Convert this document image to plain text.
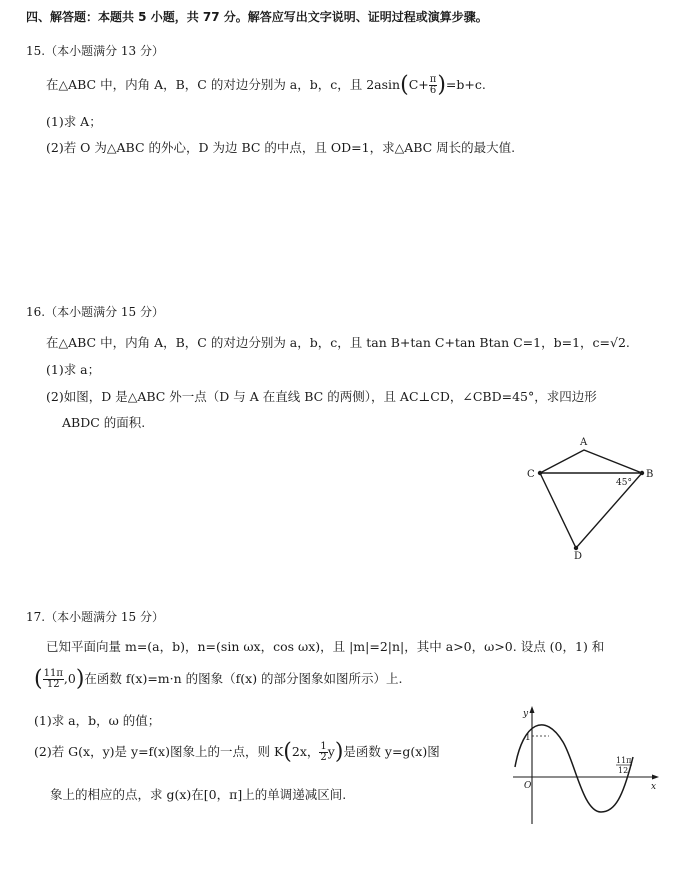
四、解答题：本题共 5 小题，共 77 分。解答应写出文字说明、证明过程或演算步骤。
15.（本小题满分 13 分）
在△ABC 中，内角 A，B，C 的对边分别为 a，b，c，且 $2asin(C+ \frac{\pi}{6} )=b+c$.
(1)求 A；
(2)若 O 为△ABC 的外心，D 为边 BC 的中点，且 OD=1，求△ABC 周长的最大值.
16.（本小题满分 15 分）
在△ABC 中，内角 A，B，C 的对边分别为 a，b，c，且 tan B+tan C+tan Btan C=1，b=1，c=√2.
(1)求 a；
(2)如图，D 是△ABC 外一点（D 与 A 在直线 BC 的两侧），且 AC⊥CD，∠CBD=45°，求四边形
ABDC 的面积.
A
B
C
D
45°
17.（本小题满分 15 分）
已知平面向量 m=(a，b)，n=(sin ωx，cos ωx)，且 |m|=2|n|，其中 a>0，ω>0. 设点 (0，1) 和
( $\frac{11\pi}{12} ,0$)在函数 f(x)=m·n 的图象（f(x) 的部分图象如图所示）上.
(1)求 a，b，ω 的值；
(2)若 G(x，y)是 y=f(x)图象上的一点，则 K(2x， $\frac{1}{2} y$)是函数 y=g(x)图
象上的相应的点，求 g(x)在[0，π]上的单调递减区间.
y
x
O
1
11π
12
